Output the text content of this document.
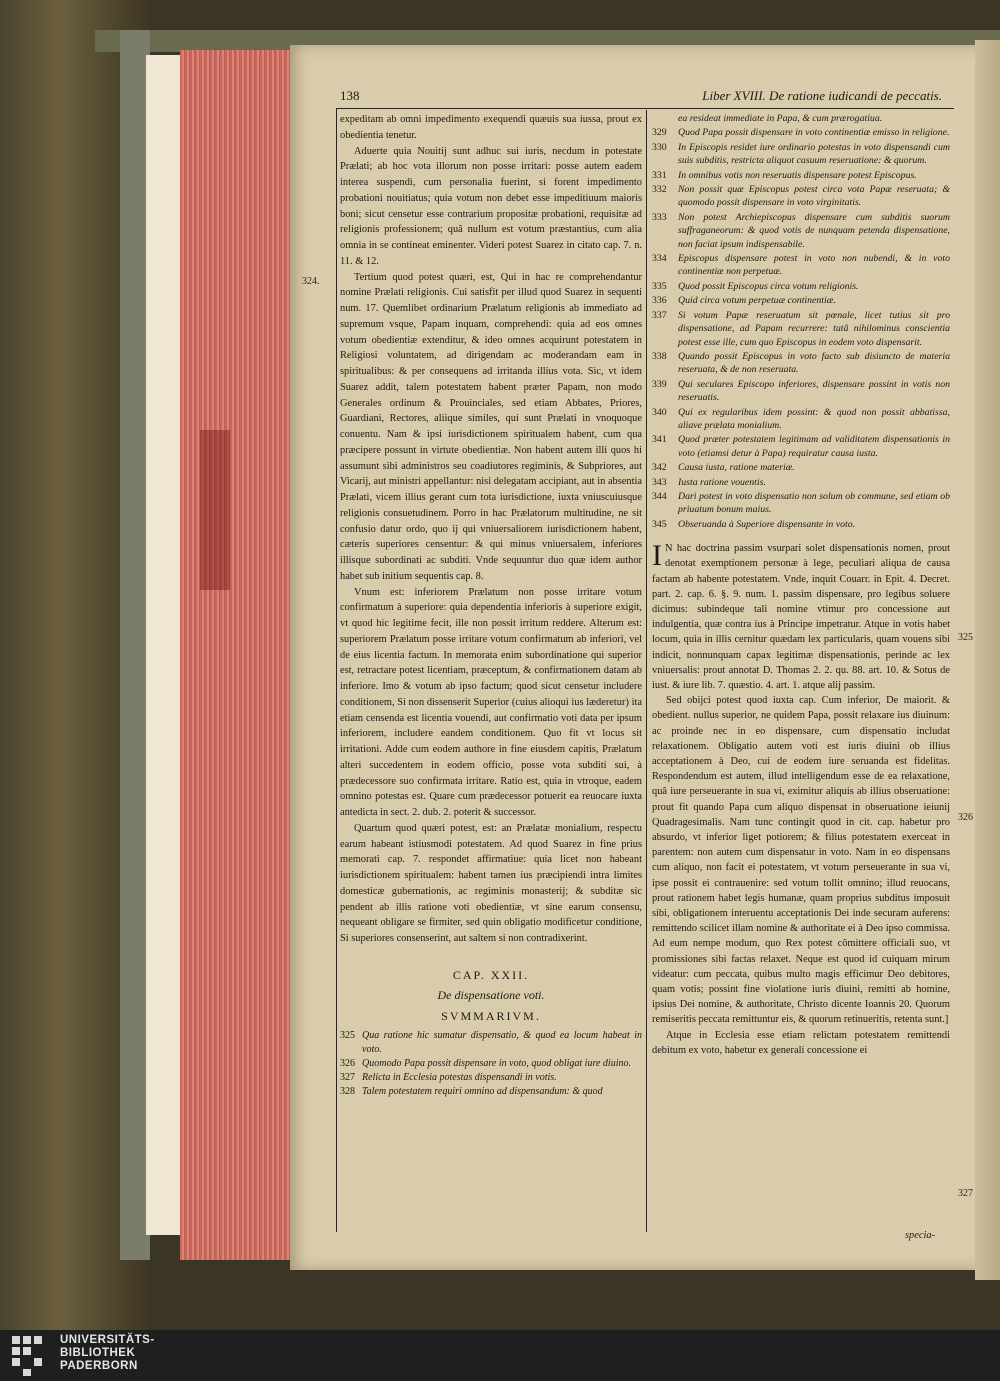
138	Liber XVIII. De ratione iudicandi de peccatis.
324.
325
326
327

expeditam ab omni impedimento exequendi quæuis sua iussa, prout ex obedientia tenetur.

Aduerte quia Nouitij sunt adhuc sui iuris, necdum in potestate Prælati; ab hoc vota illorum non posse irritari: posse autem eadem interea suspendi, cum personalia fuerint, si forent impedimento probationi nouitiatus; quia votum non debet esse impeditiuum maioris boni; sicut censetur esse contrarium propositæ probationi, requisitæ ad religionis professionem; quâ nullum est votum præstantius, cum alia omnia in se contineat eminenter. Videri potest Suarez in citato cap. 7. n. 11. & 12.

Tertium quod potest quæri, est, Qui in hac re comprehendantur nomine Prælati religionis. Cui satisfit per illud quod Suarez in sequenti num. 17. Quemlibet ordinarium Prælatum religionis ab immediato ad supremum vsque, Papam inquam, comprehendi: quia ad eos omnes votum obedientiæ extenditur, & ideo omnes acquirunt potestatem in Religiosi voluntatem, ad dirigendam ac moderandam eam in spiritualibus: & per consequens ad irritanda illius vota. Sic, vt idem Suarez addit, talem potestatem habent præter Papam, non modo Generales ordinum & Prouinciales, sed etiam Abbates, Priores, Guardiani, Rectores, aliique similes, qui sunt Prælati in vnoquoque conuentu. Nam & ipsi iurisdictionem spiritualem habent, cum qua præcipere possunt in virtute obedientiæ. Non habent autem illi quos hi assumunt sibi administros seu coadiutores regiminis, & Subpriores, aut Vicarij, aut ministri appellantur: nisi delegatam accipiant, aut in absentia Prælati, vicem illius gerant cum tota iurisdictione, iuxta vniuscuiusque religionis consuetudinem. Porro in hac Prælatorum multitudine, ne sit confusio datur ordo, quo ij qui vniuersaliorem iurisdictionem habent, cæteris superiores censentur: & qui minus vniuersalem, inferiores illisque subordinati ac subditi. Vnde sequuntur duo quæ idem author habet sub initium sequentis cap. 8.

Vnum est: inferiorem Prælatum non posse irritare votum confirmatum à superiore: quia dependentia inferioris à superiore exigit, vt quod hic legitime fecit, ille non possit irritum reddere. Alterum est: superiorem Prælatum posse irritare votum confirmatum ab inferiori, vel de eius licentia factum. In memorata enim subordinatione qui superior est, retractare potest licentiam, præceptum, & confirmationem datam ab inferiore. Imo & votum ab ipso factum; quod sicut censetur includere conditionem, Si non dissenserit Superior (cuius alioqui ius læderetur) ita etiam censenda est licentia vouendi, aut confirmatio voti data per ipsum inferiorem, includere eandem conditionem. Quo fit vt locus sit irritationi. Adde cum eodem authore in fine eiusdem capitis, Prælatum alteri succedentem in eodem officio, posse vota subditi sui, à prædecessore suo confirmata irritare. Ratio est, quia in vtroque, eadem omnino potestas est. Quare cum prædecessor potuerit ea reuocare iuxta antedicta in sect. 2. dub. 2. poterit & successor.

Quartum quod quæri potest, est: an Prælatæ monialium, respectu earum habeant istiusmodi potestatem. Ad quod Suarez in fine prius memorati cap. 7. respondet affirmatiue: quia licet non habeant iurisdictionem spiritualem: habent tamen ius præcipiendi intra limites domesticæ gubernationis, ac regiminis monasterij; & subditæ sic pendent ab illis ratione voti obedientiæ, vt sine earum consensu, nequeant obligare se firmiter, sed quin obligatio modificetur conditione, Si superiores consenserint, aut saltem si non contradixerint.

CAP. XXII.

De dispensatione voti.

SVMMARIVM.

325 Qua ratione hic sumatur dispensatio, & quod ea locum habeat in voto.
326 Quomodo Papa possit dispensare in voto, quod obligat iure diuino.
327 Relicta in Ecclesia potestas dispensandi in votis.
328 Talem potestatem requiri omnino ad dispensandum: & quod
ea resideat immediate in Papa, & cum prærogatiua.
329	Quod Papa possit dispensare in voto continentiæ emisso in religione.
330	In Episcopis residet iure ordinario potestas in voto dispensandi cum suis subditis, restricta aliquot casuum reseruatione: & quorum.
331	In omnibus votis non reseruatis dispensare potest Episcopus.
332	Non possit quæ Episcopus potest circa vota Papæ reseruata; & quomodo possit dispensare in voto virginitatis.
333	Non potest Archiepiscopus dispensare cum subditis suorum suffraganeorum: & quod votis de nunquam petenda dispensatione, non faciat ipsum indispensabile.
334	Episcopus dispensare potest in voto non nubendi, & in voto continentiæ non perpetuæ.
335	Quod possit Episcopus circa votum religionis.
336	Quid circa votum perpetuæ continentiæ.
337	Si votum Papæ reseruatum sit pœnale, licet tutius sit pro dispensatione, ad Papam recurrere: tutâ nihilominus conscientia potest esse ille, cum quo Episcopus in eodem voto dispensarit.
338	Quando possit Episcopus in voto facto sub disiuncto de materia reseruata, & de non reseruata.
339	Qui seculares Episcopo inferiores, dispensare possint in votis non reseruatis.
340	Qui ex regularibus idem possint: & quod non possit abbatissa, aliave prælata monialium.
341	Quod præter potestatem legitimam ad validitatem dispensationis in voto (etiamsi detur à Papa) requiratur causa iusta.
342	Causa iusta, ratione materiæ.
343	Iusta ratione vouentis.
344	Dari potest in voto dispensatio non solum ob commune, sed etiam ob priuatum bonum maius.
345	Obseruanda à Superiore dispensante in voto.

I N hac doctrina passim vsurpari solet dispensationis nomen, prout denotat exemptionem personæ à lege, peculiari aliqua de causa factam ab habente potestatem. Vnde, inquit Couarr. in Epit. 4. Decret. part. 2. cap. 6. §. 9. num. 1. passim dispensare, pro legibus soluere dicimus: subindeque tali nomine vtimur pro concessione aut indulgentia, quæ contra ius à Principe impetratur. Atque in votis habet locum, quia in illis cernitur quædam lex particularis, quam vouens sibi indicit, nonnunquam capax legitimæ dispensationis, perinde ac lex vniuersalis: prout annotat D. Thomas 2. 2. qu. 88. art. 10. & Sotus de iust. & iure lib. 7. quæstio. 4. art. 1. atque alij passim.

Sed obijci potest quod iuxta cap. Cum inferior, De maiorit. & obedient. nullus superior, ne quidem Papa, possit relaxare ius diuinum: ac proinde nec in eo dispensare, cum dispensatio includat relaxationem. Obligatio autem voti est iuris diuini ob illius acceptationem à Deo, cui de eodem iure seruanda est fidelitas. Respondendum est autem, illud intelligendum esse de ea relaxatione, quâ iure perseuerante in sua vi, eximitur aliquis ab illius obseruatione: prout fit quando Papa cum aliquo dispensat in obseruatione ieiunij Quadragesimalis. Nam tunc contingit quod in cit. cap. habetur pro absurdo, vt inferior liget potiorem; & filius potestatem exerceat in parentem: non autem cum dispensatur in voto. Nam in eo dispensans cum aliquo, non facit ei potestatem, vt votum perseuerante in sua vi, ipse possit ei contrauenire: sed votum tollit omnino; illud reuocans, prout rationem habet legis humanæ, quam proprius subditus imposuit sibi, obligationem interuentu acceptationis Dei inde securam auferens: remittendo scilicet illam nomine & authoritate ei à Deo ipso commissa. Ad eum nempe modum, quo Rex potest cõmittere officiali suo, vt promissiones sibi factas relaxet. Neque est quod id cuiquam mirum videatur: cum peccata, quibus multo magis efficimur Deo debitores, quam votis; possint fine violatione iuris diuini, remitti ab homine, ipsius Dei nomine, & authoritate, Christo dicente Ioannis 20. Quorum remiseritis peccata remittuntur eis, & quorum retinueritis, retenta sunt.]

Atque in Ecclesia esse etiam relictam potestatem remittendi debitum ex voto, habetur ex generali concessione ei

specia-
UNIVERSITÄTS-
BIBLIOTHEK
PADERBORN
